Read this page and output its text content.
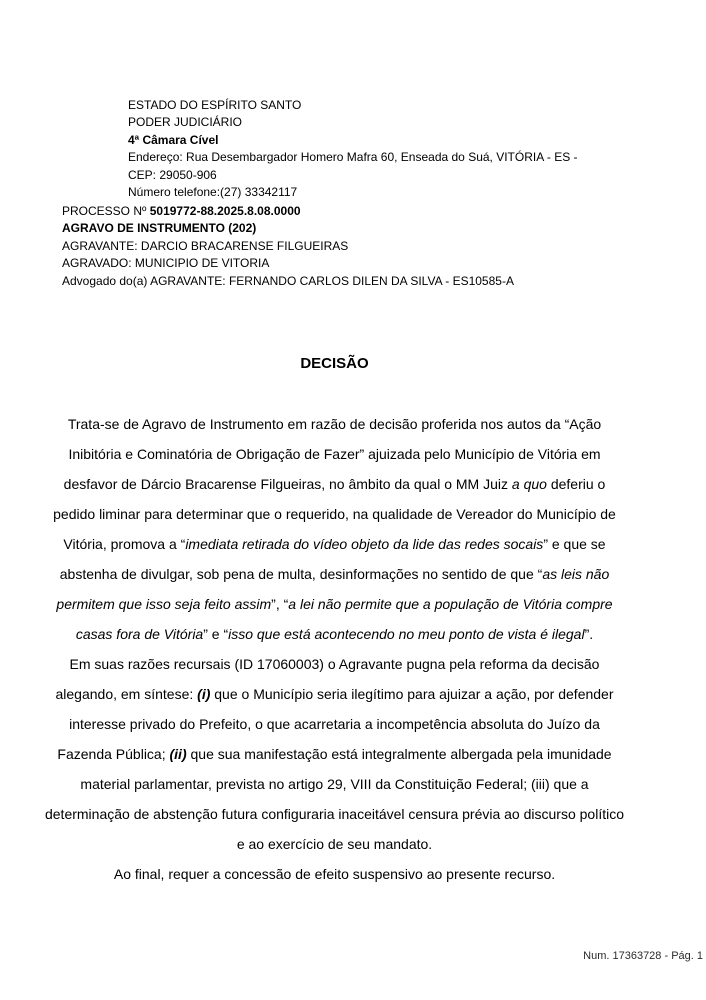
ESTADO DO ESPÍRITO SANTO
PODER JUDICIÁRIO
4ª Câmara Cível
Endereço: Rua Desembargador Homero Mafra 60, Enseada do Suá, VITÓRIA - ES -
CEP: 29050-906
Número telefone:(27) 33342117
PROCESSO Nº 5019772-88.2025.8.08.0000
AGRAVO DE INSTRUMENTO (202)
AGRAVANTE: DARCIO BRACARENSE FILGUEIRAS
AGRAVADO: MUNICIPIO DE VITORIA
Advogado do(a) AGRAVANTE: FERNANDO CARLOS DILEN DA SILVA - ES10585-A
DECISÃO

Trata-se de Agravo de Instrumento em razão de decisão proferida nos autos da “Ação Inibitória e Cominatória de Obrigação de Fazer” ajuizada pelo Município de Vitória em desfavor de Dárcio Bracarense Filgueiras, no âmbito da qual o MM Juiz a quo deferiu o pedido liminar para determinar que o requerido, na qualidade de Vereador do Município de Vitória, promova a “imediata retirada do vídeo objeto da lide das redes socais” e que se abstenha de divulgar, sob pena de multa, desinformações no sentido de que “as leis não permitem que isso seja feito assim”, “a lei não permite que a população de Vitória compre casas fora de Vitória” e “isso que está acontecendo no meu ponto de vista é ilegal”.

Em suas razões recursais (ID 17060003) o Agravante pugna pela reforma da decisão alegando, em síntese: (i) que o Município seria ilegítimo para ajuizar a ação, por defender interesse privado do Prefeito, o que acarretaria a incompetência absoluta do Juízo da Fazenda Pública; (ii) que sua manifestação está integralmente albergada pela imunidade material parlamentar, prevista no artigo 29, VIII da Constituição Federal; (iii) que a determinação de abstenção futura configuraria inaceitável censura prévia ao discurso político e ao exercício de seu mandato.

Ao final, requer a concessão de efeito suspensivo ao presente recurso.

Num. 17363728 - Pág. 1
